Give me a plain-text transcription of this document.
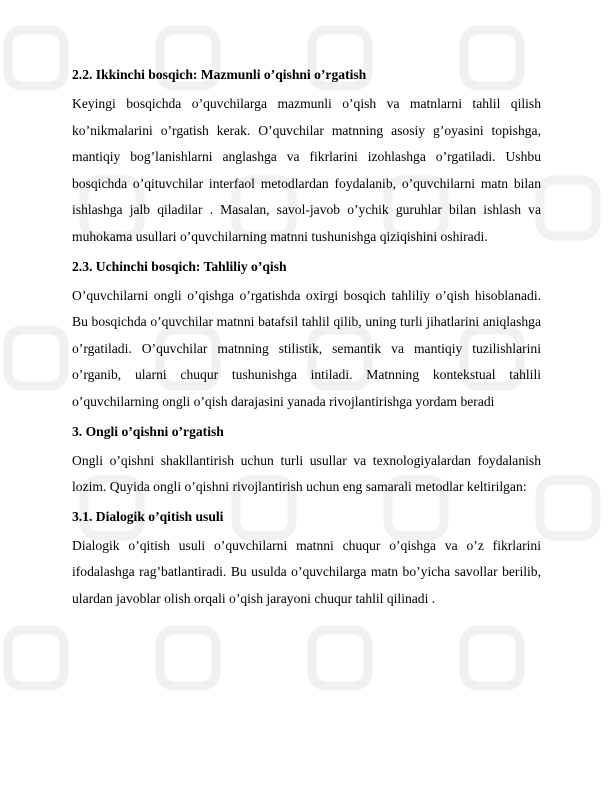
2.2. Ikkinchi bosqich: Mazmunli o’qishni o’rgatish

Keyingi bosqichda o’quvchilarga mazmunli o’qish va matnlarni tahlil qilish ko’nikmalarini o’rgatish kerak. O’quvchilar matnning asosiy g’oyasini topishga, mantiqiy bog’lanishlarni anglashga va fikrlarini izohlashga o’rgatiladi. Ushbu bosqichda o’qituvchilar interfaol metodlardan foydalanib, o’quvchilarni matn bilan ishlashga jalb qiladilar . Masalan, savol-javob o’ychik guruhlar bilan ishlash va muhokama usullari o’quvchilarning matnni tushunishga qiziqishini oshiradi.

2.3. Uchinchi bosqich: Tahliliy o’qish

O’quvchilarni ongli o’qishga o’rgatishda oxirgi bosqich tahliliy o’qish hisoblanadi. Bu bosqichda o’quvchilar matnni batafsil tahlil qilib, uning turli jihatlarini aniqlashga o’rgatiladi. O’quvchilar matnning stilistik, semantik va mantiqiy tuzilishlarini o’rganib, ularni chuqur tushunishga intiladi. Matnning kontekstual tahlili o’quvchilarning ongli o’qish darajasini yanada rivojlantirishga yordam beradi

3. Ongli o’qishni o’rgatish

Ongli o’qishni shakllantirish uchun turli usullar va texnologiyalardan foydalanish lozim. Quyida ongli o’qishni rivojlantirish uchun eng samarali metodlar keltirilgan:

3.1. Dialogik o’qitish usuli

Dialogik o’qitish usuli o’quvchilarni matnni chuqur o’qishga va o’z fikrlarini ifodalashga rag’batlantiradi. Bu usulda o’quvchilarga matn bo’yicha savollar berilib, ulardan javoblar olish orqali o’qish jarayoni chuqur tahlil qilinadi .
